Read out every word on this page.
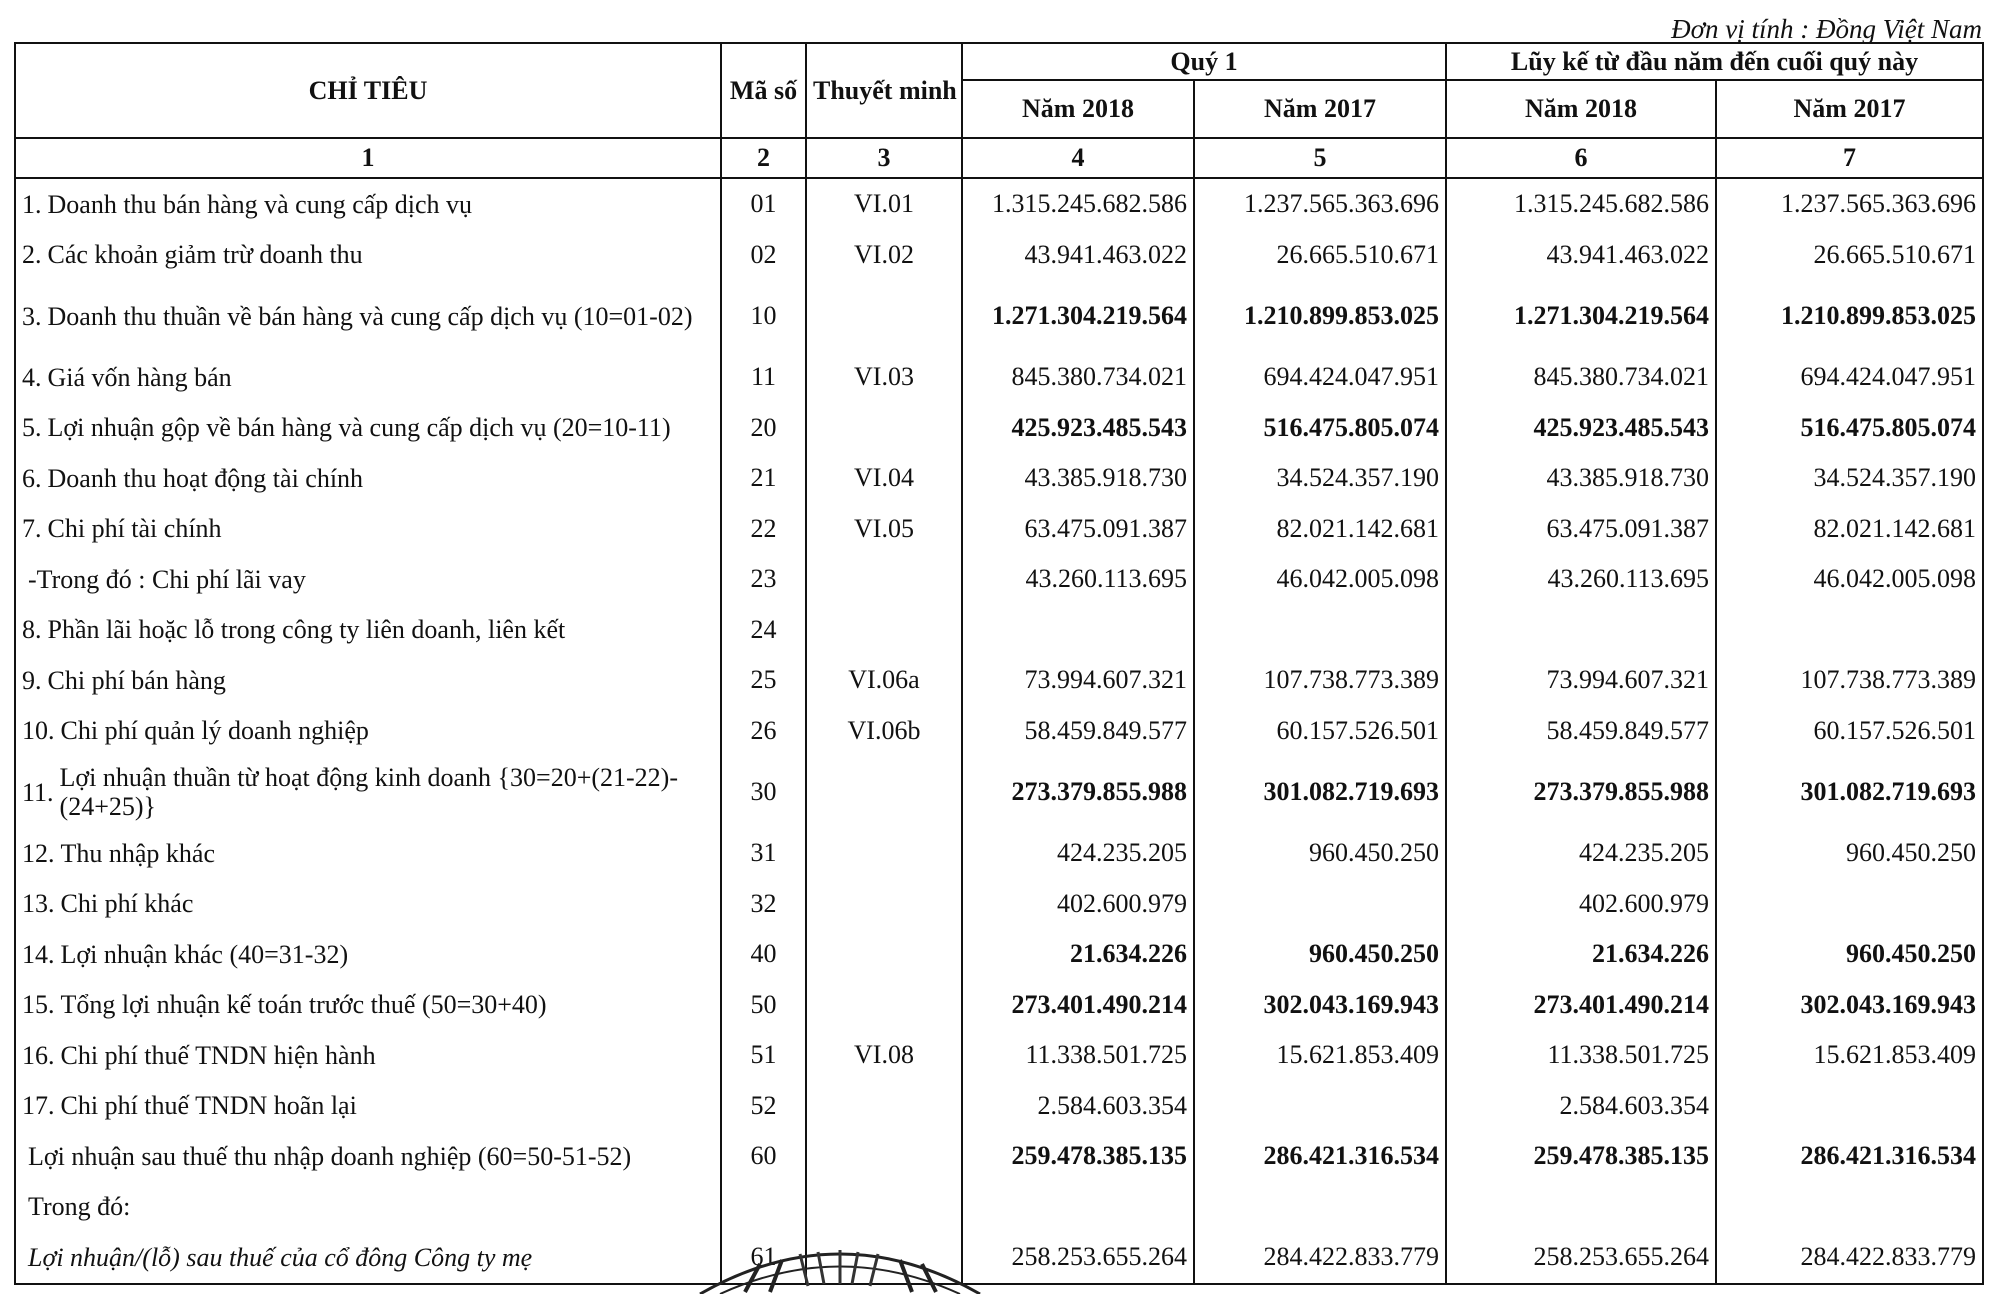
Đơn vị tính : Đồng Việt Nam
CHỈ TIÊU	Mã số	Thuyết minh	Quý 1		Lũy kế từ đầu năm đến cuối quý này	
			Năm 2018	Năm 2017	Năm 2018	Năm 2017
1	2	3	4	5	6	7

1. Doanh thu bán hàng và cung cấp dịch vụ	01	VI.01	1.315.245.682.586	1.237.565.363.696	1.315.245.682.586	1.237.565.363.696

2. Các khoản giảm trừ doanh thu	02	VI.02	43.941.463.022	26.665.510.671	43.941.463.022	26.665.510.671

3. Doanh thu thuần về bán hàng và cung cấp dịch vụ (10=01-02)	10		1.271.304.219.564	1.210.899.853.025	1.271.304.219.564	1.210.899.853.025

4. Giá vốn hàng bán	11	VI.03	845.380.734.021	694.424.047.951	845.380.734.021	694.424.047.951

5. Lợi nhuận gộp về bán hàng và cung cấp dịch vụ (20=10-11)	20		425.923.485.543	516.475.805.074	425.923.485.543	516.475.805.074

6. Doanh thu hoạt động tài chính	21	VI.04	43.385.918.730	34.524.357.190	43.385.918.730	34.524.357.190

7. Chi phí tài chính	22	VI.05	63.475.091.387	82.021.142.681	63.475.091.387	82.021.142.681

-Trong đó : Chi phí lãi vay	23		43.260.113.695	46.042.005.098	43.260.113.695	46.042.005.098

8. Phần lãi hoặc lỗ trong công ty liên doanh, liên kết	24					

9. Chi phí bán hàng	25	VI.06a	73.994.607.321	107.738.773.389	73.994.607.321	107.738.773.389

10. Chi phí quản lý doanh nghiệp	26	VI.06b	58.459.849.577	60.157.526.501	58.459.849.577	60.157.526.501

11. Lợi nhuận thuần từ hoạt động kinh doanh {30=20+(21-22)-(24+25)}	30		273.379.855.988	301.082.719.693	273.379.855.988	301.082.719.693

12. Thu nhập khác	31		424.235.205	960.450.250	424.235.205	960.450.250

13. Chi phí khác	32		402.600.979		402.600.979	

14. Lợi nhuận khác (40=31-32)	40		21.634.226	960.450.250	21.634.226	960.450.250

15. Tổng lợi nhuận kế toán trước thuế (50=30+40)	50		273.401.490.214	302.043.169.943	273.401.490.214	302.043.169.943

16. Chi phí thuế TNDN hiện hành	51	VI.08	11.338.501.725	15.621.853.409	11.338.501.725	15.621.853.409

17. Chi phí thuế TNDN hoãn lại	52		2.584.603.354		2.584.603.354	

Lợi nhuận sau thuế thu nhập doanh nghiệp (60=50-51-52)	60		259.478.385.135	286.421.316.534	259.478.385.135	286.421.316.534

Trong đó:						

Lợi nhuận/(lỗ) sau thuế của cổ đông Công ty mẹ	61		258.253.655.264	284.422.833.779	258.253.655.264	284.422.833.779
